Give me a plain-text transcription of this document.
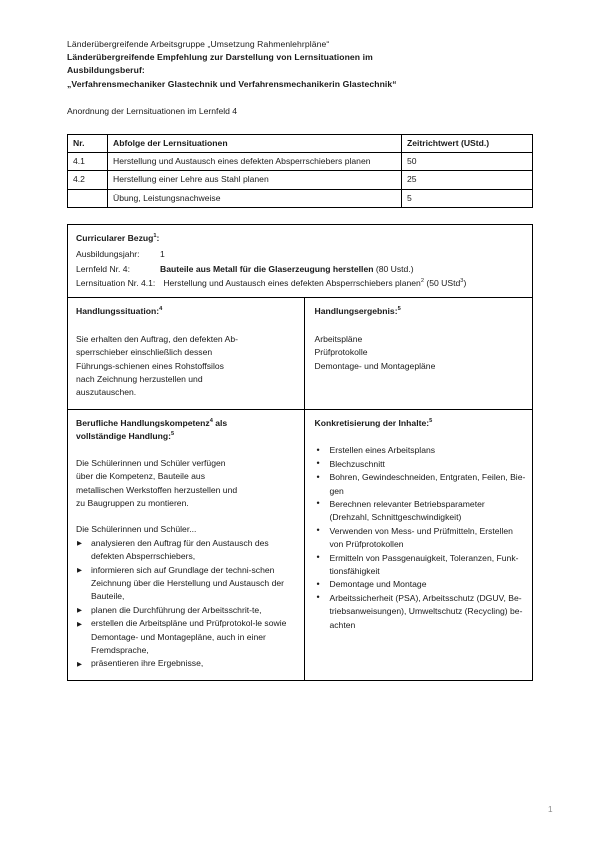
Länderübergreifende Arbeitsgruppe „Umsetzung Rahmenlehrpläne“
Länderübergreifende Empfehlung zur Darstellung von Lernsituationen im
Ausbildungsberuf:
„Verfahrensmechaniker Glastechnik und Verfahrensmechanikerin Glastechnik“
Anordnung der Lernsituationen im Lernfeld 4
Nr.	Abfolge der Lernsituationen	Zeitrichtwert (UStd.)
4.1	Herstellung und Austausch eines defekten Absperrschiebers planen	50
4.2	Herstellung einer Lehre aus Stahl planen	25
	Übung, Leistungsnachweise	5
Curricularer Bezug$^1$:
Ausbildungsjahr: 1
Lernfeld Nr. 4:	Bauteile aus Metall für die Glaserzeugung herstellen (80 Ustd.)
Lernsituation Nr. 4.1: Herstellung und Austausch eines defekten Absperrschiebers planen$^2$ (50 UStd$^3$)
Handlungssituation:$^4$
Sie erhalten den Auftrag, den defekten Ab-
sperrschieber einschließlich dessen
Führungs-schienen eines Rohstoffsilos
nach Zeichnung herzustellen und
auszutauschen.
Handlungsergebnis:$^5$
Arbeitspläne
Prüfprotokolle
Demontage- und Montagepläne
Berufliche Handlungskompetenz$^4$ als
vollständige Handlung:$^5$
Die Schülerinnen und Schüler verfügen
über die Kompetenz, Bauteile aus
metallischen Werkstoffen herzustellen und
zu Baugruppen zu montieren.
Die Schülerinnen und Schüler...
▶ analysieren den Auftrag für den Austausch des defekten Absperrschiebers,
▶ informieren sich auf Grundlage der techni-schen Zeichnung über die Herstellung und Austausch der Bauteile,
▶ planen die Durchführung der Arbeitsschrit-te,
▶ erstellen die Arbeitspläne und Prüfprotokol-le sowie Demontage- und Montagepläne, auch in einer Fremdsprache,
▶ präsentieren ihre Ergebnisse,
Konkretisierung der Inhalte:$^5$
• Erstellen eines Arbeitsplans
• Blechzuschnitt
• Bohren, Gewindeschneiden, Entgraten, Feilen, Bie-gen
• Berechnen relevanter Betriebsparameter (Drehzahl, Schnittgeschwindigkeit)
• Verwenden von Mess- und Prüfmitteln, Erstellen von Prüfprotokollen
• Ermitteln von Passgenauigkeit, Toleranzen, Funk-tionsfähigkeit
• Demontage und Montage
• Arbeitssicherheit (PSA), Arbeitsschutz (DGUV, Be-triebsanweisungen), Umweltschutz (Recycling) be-achten
1
